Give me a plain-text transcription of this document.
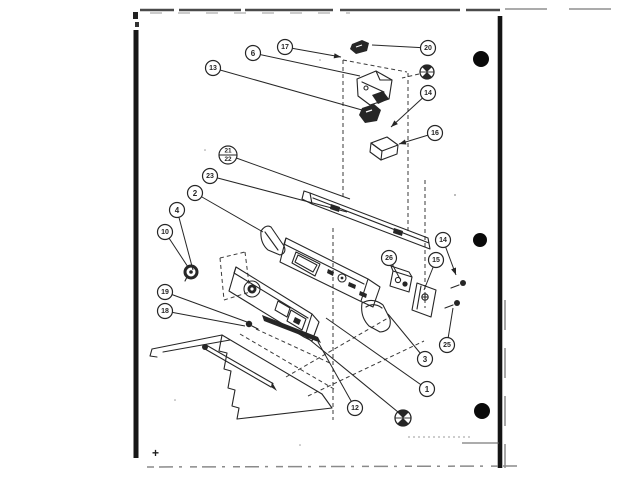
17
6
20
13
14
16
23
2
4
10
19
18
26	15
14
25
3
1
12
21
22
+
